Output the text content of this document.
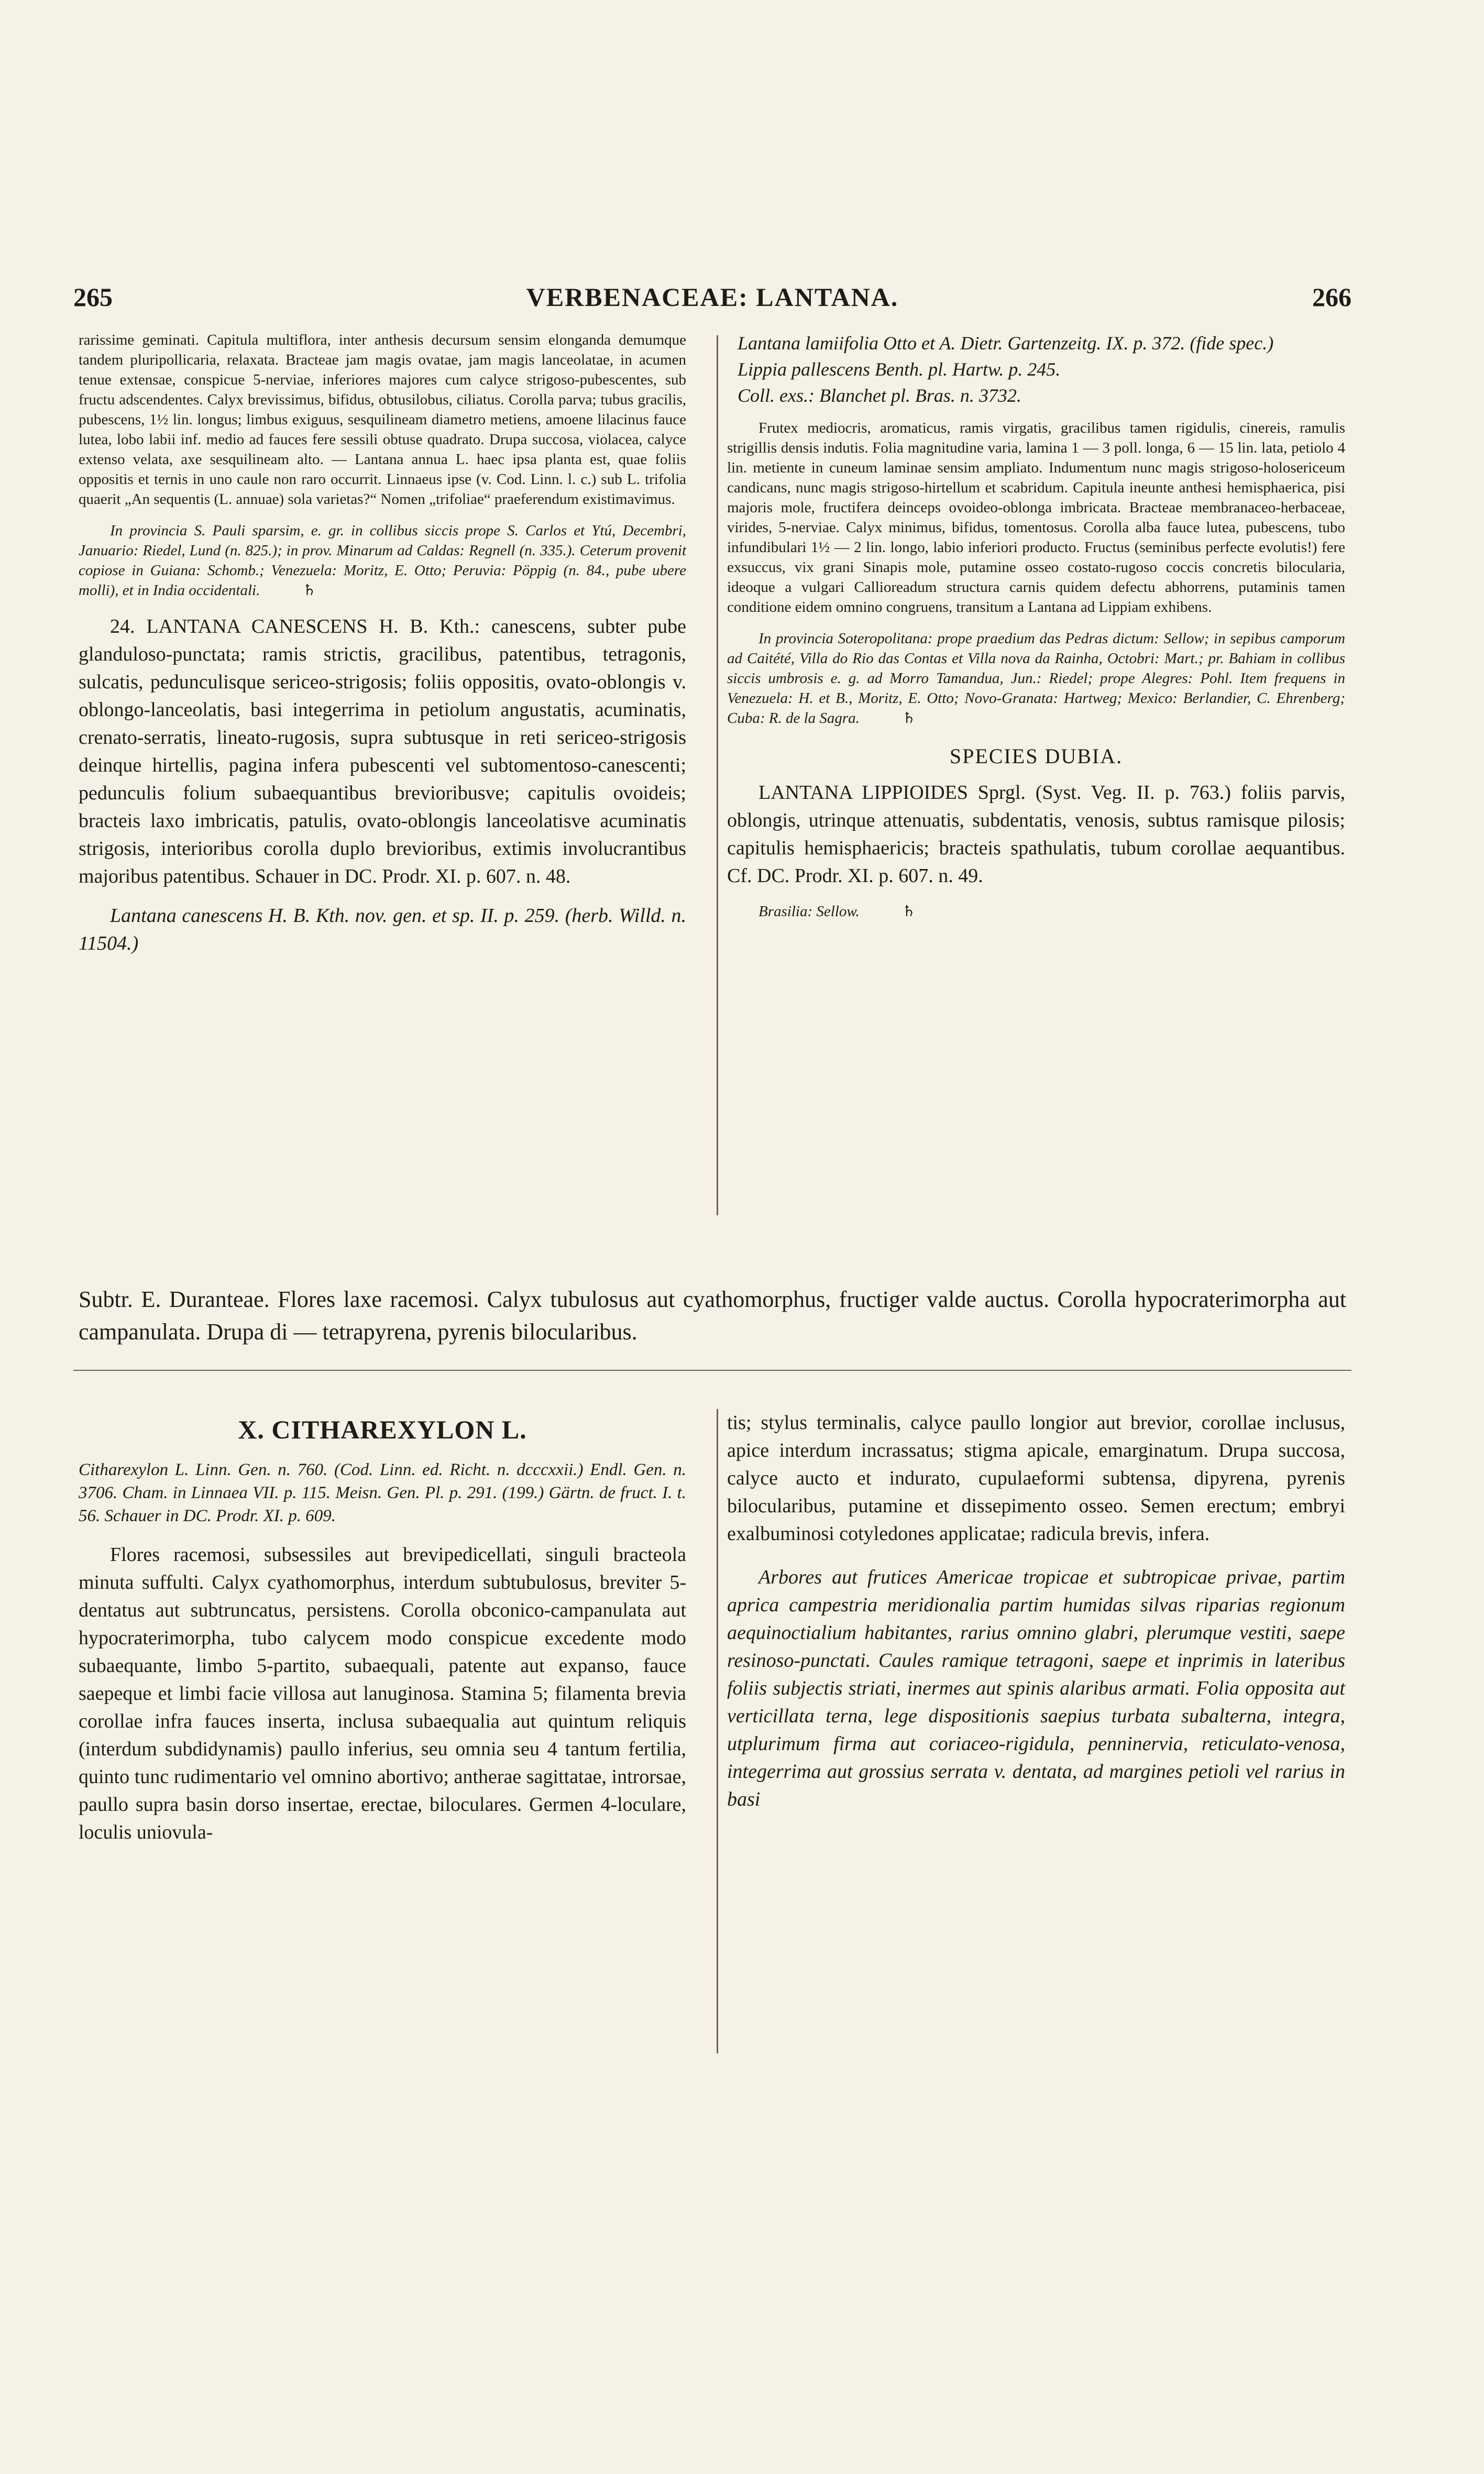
265	VERBENACEAE: LANTANA.	266

rarissime geminati. Capitula multiflora, inter anthesis decursum sensim elonganda demumque tandem pluripollicaria, relaxata. Bracteae jam magis ovatae, jam magis lanceolatae, in acumen tenue extensae, conspicue 5-nerviae, inferiores majores cum calyce strigoso-pubescentes, sub fructu adscendentes. Calyx brevissimus, bifidus, obtusilobus, ciliatus. Corolla parva; tubus gracilis, pubescens, 1½ lin. longus; limbus exiguus, sesquilineam diametro metiens, amoene lilacinus fauce lutea, lobo labii inf. medio ad fauces fere sessili obtuse quadrato. Drupa succosa, violacea, calyce extenso velata, axe sesquilineam alto. — Lantana annua L. haec ipsa planta est, quae foliis oppositis et ternis in uno caule non raro occurrit. Linnaeus ipse (v. Cod. Linn. l. c.) sub L. trifolia quaerit „An sequentis (L. annuae) sola varietas?“ Nomen „trifoliae“ praeferendum existimavimus.

In provincia S. Pauli sparsim, e. gr. in collibus siccis prope S. Carlos et Ytú, Decembri, Januario: Riedel, Lund (n. 825.); in prov. Minarum ad Caldas: Regnell (n. 335.). Ceterum provenit copiose in Guiana: Schomb.; Venezuela: Moritz, E. Otto; Peruvia: Pöppig (n. 84., pube ubere molli), et in India occidentali.	♄

24. LANTANA CANESCENS H. B. Kth.: canescens, subter pube glanduloso-punctata; ramis strictis, gracilibus, patentibus, tetragonis, sulcatis, pedunculisque sericeo-strigosis; foliis oppositis, ovato-oblongis v. oblongo-lanceolatis, basi integerrima in petiolum angustatis, acuminatis, crenato-serratis, lineato-rugosis, supra subtusque in reti sericeo-strigosis deinque hirtellis, pagina infera pubescenti vel subtomentoso-canescenti; pedunculis folium subaequantibus brevioribusve; capitulis ovoideis; bracteis laxo imbricatis, patulis, ovato-oblongis lanceolatisve acuminatis strigosis, interioribus corolla duplo brevioribus, extimis involucrantibus majoribus patentibus. Schauer in DC. Prodr. XI. p. 607. n. 48.

Lantana canescens H. B. Kth. nov. gen. et sp. II. p. 259. (herb. Willd. n. 11504.)

Lantana lamiifolia Otto et A. Dietr. Gartenzeitg. IX. p. 372. (fide spec.)

Lippia pallescens Benth. pl. Hartw. p. 245.

Coll. exs.: Blanchet pl. Bras. n. 3732.

Frutex mediocris, aromaticus, ramis virgatis, gracilibus tamen rigidulis, cinereis, ramulis strigillis densis indutis. Folia magnitudine varia, lamina 1 — 3 poll. longa, 6 — 15 lin. lata, petiolo 4 lin. metiente in cuneum laminae sensim ampliato. Indumentum nunc magis strigoso-holosericeum candicans, nunc magis strigoso-hirtellum et scabridum. Capitula ineunte anthesi hemisphaerica, pisi majoris mole, fructifera deinceps ovoideo-oblonga imbricata. Bracteae membranaceo-herbaceae, virides, 5-nerviae. Calyx minimus, bifidus, tomentosus. Corolla alba fauce lutea, pubescens, tubo infundibulari 1½ — 2 lin. longo, labio inferiori producto. Fructus (seminibus perfecte evolutis!) fere exsuccus, vix grani Sinapis mole, putamine osseo costato-rugoso coccis concretis bilocularia, ideoque a vulgari Callioreadum structura carnis quidem defectu abhorrens, putaminis tamen conditione eidem omnino congruens, transitum a Lantana ad Lippiam exhibens.

In provincia Soteropolitana: prope praedium das Pedras dictum: Sellow; in sepibus camporum ad Caitété, Villa do Rio das Contas et Villa nova da Rainha, Octobri: Mart.; pr. Bahiam in collibus siccis umbrosis e. g. ad Morro Tamandua, Jun.: Riedel; prope Alegres: Pohl. Item frequens in Venezuela: H. et B., Moritz, E. Otto; Novo-Granata: Hartweg; Mexico: Berlandier, C. Ehrenberg; Cuba: R. de la Sagra.	♄

SPECIES DUBIA.

LANTANA LIPPIOIDES Sprgl. (Syst. Veg. II. p. 763.) foliis parvis, oblongis, utrinque attenuatis, subdentatis, venosis, subtus ramisque pilosis; capitulis hemisphaericis; bracteis spathulatis, tubum corollae aequantibus. Cf. DC. Prodr. XI. p. 607. n. 49.

Brasilia: Sellow.	♄

Subtr. E. Duranteae. Flores laxe racemosi. Calyx tubulosus aut cyathomorphus, fructiger valde auctus. Corolla hypocraterimorpha aut campanulata. Drupa di — tetrapyrena, pyrenis bilocularibus.
X. CITHAREXYLON L.

Citharexylon L. Linn. Gen. n. 760. (Cod. Linn. ed. Richt. n. dcccxxii.) Endl. Gen. n. 3706. Cham. in Linnaea VII. p. 115. Meisn. Gen. Pl. p. 291. (199.) Gärtn. de fruct. I. t. 56. Schauer in DC. Prodr. XI. p. 609.

Flores racemosi, subsessiles aut brevipedicellati, singuli bracteola minuta suffulti. Calyx cyathomorphus, interdum subtubulosus, breviter 5-dentatus aut subtruncatus, persistens. Corolla obconico-campanulata aut hypocraterimorpha, tubo calycem modo conspicue excedente modo subaequante, limbo 5-partito, subaequali, patente aut expanso, fauce saepeque et limbi facie villosa aut lanuginosa. Stamina 5; filamenta brevia corollae infra fauces inserta, inclusa subaequalia aut quintum reliquis (interdum subdidynamis) paullo inferius, seu omnia seu 4 tantum fertilia, quinto tunc rudimentario vel omnino abortivo; antherae sagittatae, introrsae, paullo supra basin dorso insertae, erectae, biloculares. Germen 4-loculare, loculis uniovula-

tis; stylus terminalis, calyce paullo longior aut brevior, corollae inclusus, apice interdum incrassatus; stigma apicale, emarginatum. Drupa succosa, calyce aucto et indurato, cupulaeformi subtensa, dipyrena, pyrenis bilocularibus, putamine et dissepimento osseo. Semen erectum; embryi exalbuminosi cotyledones applicatae; radicula brevis, infera.

Arbores aut frutices Americae tropicae et subtropicae privae, partim aprica campestria meridionalia partim humidas silvas riparias regionum aequinoctialium habitantes, rarius omnino glabri, plerumque vestiti, saepe resinoso-punctati. Caules ramique tetragoni, saepe et inprimis in lateribus foliis subjectis striati, inermes aut spinis alaribus armati. Folia opposita aut verticillata terna, lege dispositionis saepius turbata subalterna, integra, utplurimum firma aut coriaceo-rigidula, penninervia, reticulato-venosa, integerrima aut grossius serrata v. dentata, ad margines petioli vel rarius in basi
